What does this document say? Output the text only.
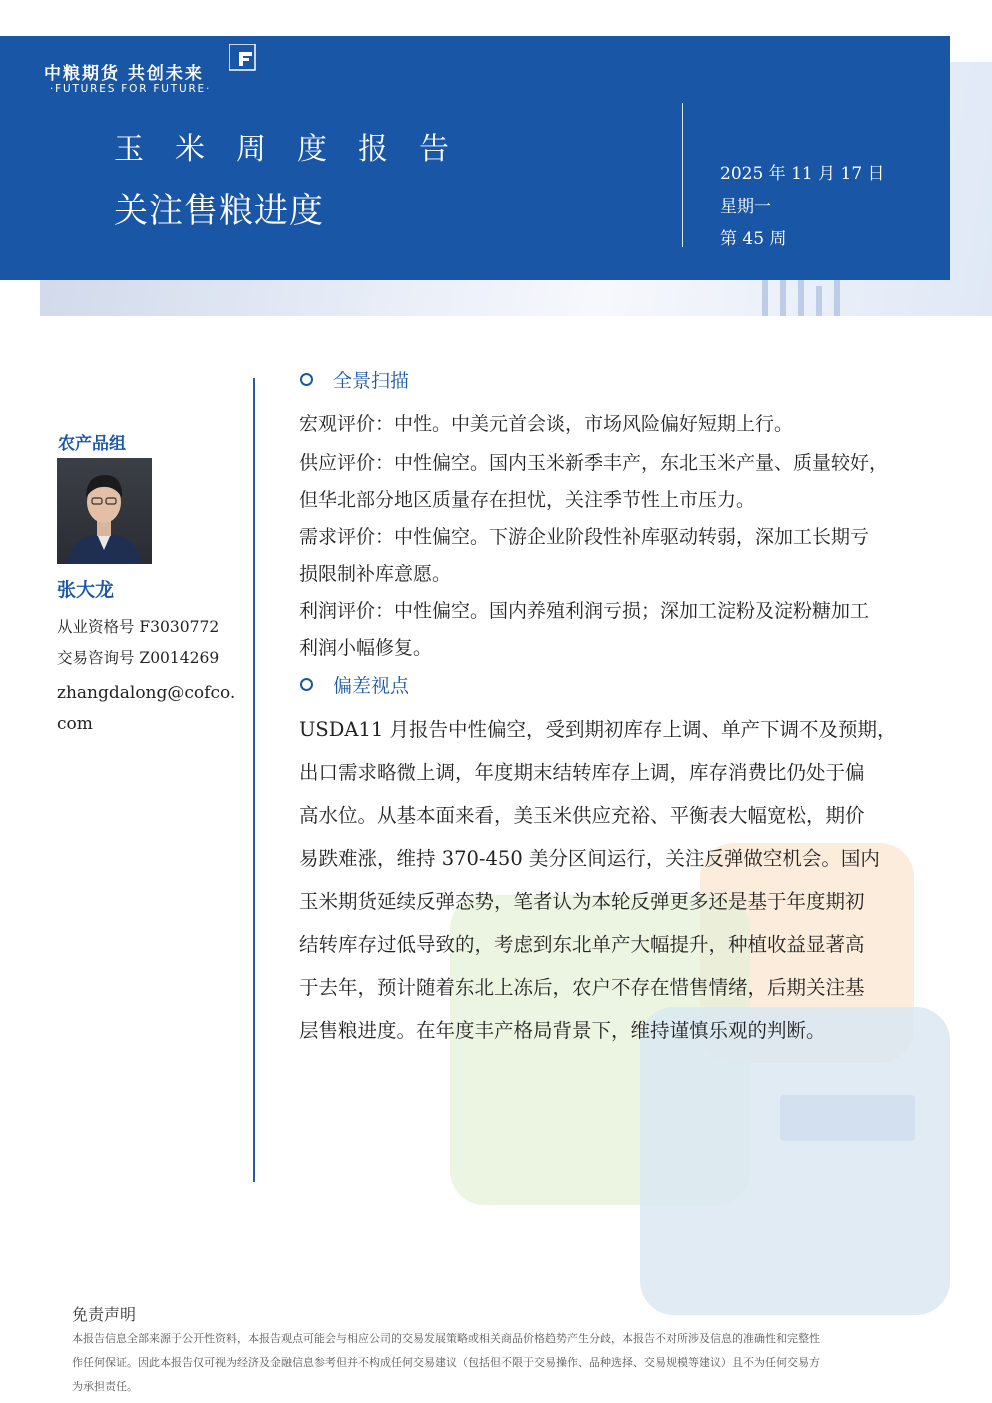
中粮期货 共创未来
·FUTURES FOR FUTURE·
玉米周度报告
关注售粮进度
2025 年 11 月 17 日
星期一
第 45 周
农产品组
张大龙
从业资格号 F3030772
交易咨询号 Z0014269
zhangdalong@cofco.com
全景扫描
宏观评价：中性。中美元首会谈，市场风险偏好短期上行。
供应评价：中性偏空。国内玉米新季丰产，东北玉米产量、质量较好，
但华北部分地区质量存在担忧，关注季节性上市压力。
需求评价：中性偏空。下游企业阶段性补库驱动转弱，深加工长期亏
损限制补库意愿。
利润评价：中性偏空。国内养殖利润亏损；深加工淀粉及淀粉糖加工
利润小幅修复。
偏差视点
USDA11 月报告中性偏空，受到期初库存上调、单产下调不及预期，
出口需求略微上调，年度期末结转库存上调，库存消费比仍处于偏
高水位。从基本面来看，美玉米供应充裕、平衡表大幅宽松，期价
易跌难涨，维持 370-450 美分区间运行，关注反弹做空机会。国内
玉米期货延续反弹态势，笔者认为本轮反弹更多还是基于年度期初
结转库存过低导致的，考虑到东北单产大幅提升，种植收益显著高
于去年，预计随着东北上冻后，农户不存在惜售情绪，后期关注基
层售粮进度。在年度丰产格局背景下，维持谨慎乐观的判断。
免责声明
本报告信息全部来源于公开性资料，本报告观点可能会与相应公司的交易发展策略或相关商品价格趋势产生分歧，本报告不对所涉及信息的准确性和完整性
作任何保证。因此本报告仅可视为经济及金融信息参考但并不构成任何交易建议（包括但不限于交易操作、品种选择、交易规模等建议）且不为任何交易方
为承担责任。
